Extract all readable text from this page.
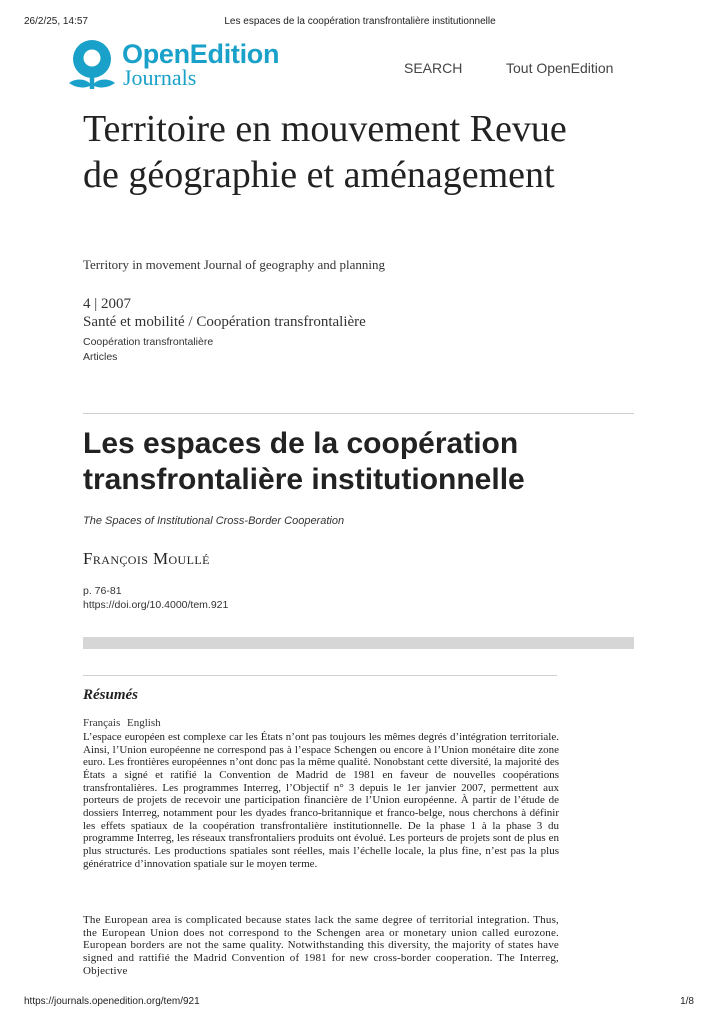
26/2/25, 14:57	Les espaces de la coopération transfrontalière institutionnelle
OpenEdition
Journals	SEARCH	Tout OpenEdition
Territoire en mouvement Revue de géographie et aménagement
Territory in movement Journal of geography and planning
4 | 2007
Santé et mobilité / Coopération transfrontalière
Coopération transfrontalière
Articles
Les espaces de la coopération transfrontalière institutionnelle
The Spaces of Institutional Cross-Border Cooperation
François Moullé
p. 76-81
https://doi.org/10.4000/tem.921
Résumés
Français English

L’espace européen est complexe car les États n’ont pas toujours les mêmes degrés d’intégration territoriale. Ainsi, l’Union européenne ne correspond pas à l’espace Schengen ou encore à l’Union monétaire dite zone euro. Les frontières européennes n’ont donc pas la même qualité. Nonobstant cette diversité, la majorité des États a signé et ratifié la Convention de Madrid de 1981 en faveur de nouvelles coopérations transfrontalières. Les programmes Interreg, l’Objectif n° 3 depuis le 1er janvier 2007, permettent aux porteurs de projets de recevoir une participation financière de l’Union européenne. À partir de l’étude de dossiers Interreg, notamment pour les dyades franco-britannique et franco-belge, nous cherchons à définir les effets spatiaux de la coopération transfrontalière institutionnelle. De la phase 1 à la phase 3 du programme Interreg, les réseaux transfrontaliers produits ont évolué. Les porteurs de projets sont de plus en plus structurés. Les productions spatiales sont réelles, mais l’échelle locale, la plus fine, n’est pas la plus génératrice d’innovation spatiale sur le moyen terme.

The European area is complicated because states lack the same degree of territorial integration. Thus, the European Union does not correspond to the Schengen area or monetary union called eurozone. European borders are not the same quality. Notwithstanding this diversity, the majority of states have signed and rattifié the Madrid Convention of 1981 for new cross-border cooperation. The Interreg, Objective

https://journals.openedition.org/tem/921	1/8
